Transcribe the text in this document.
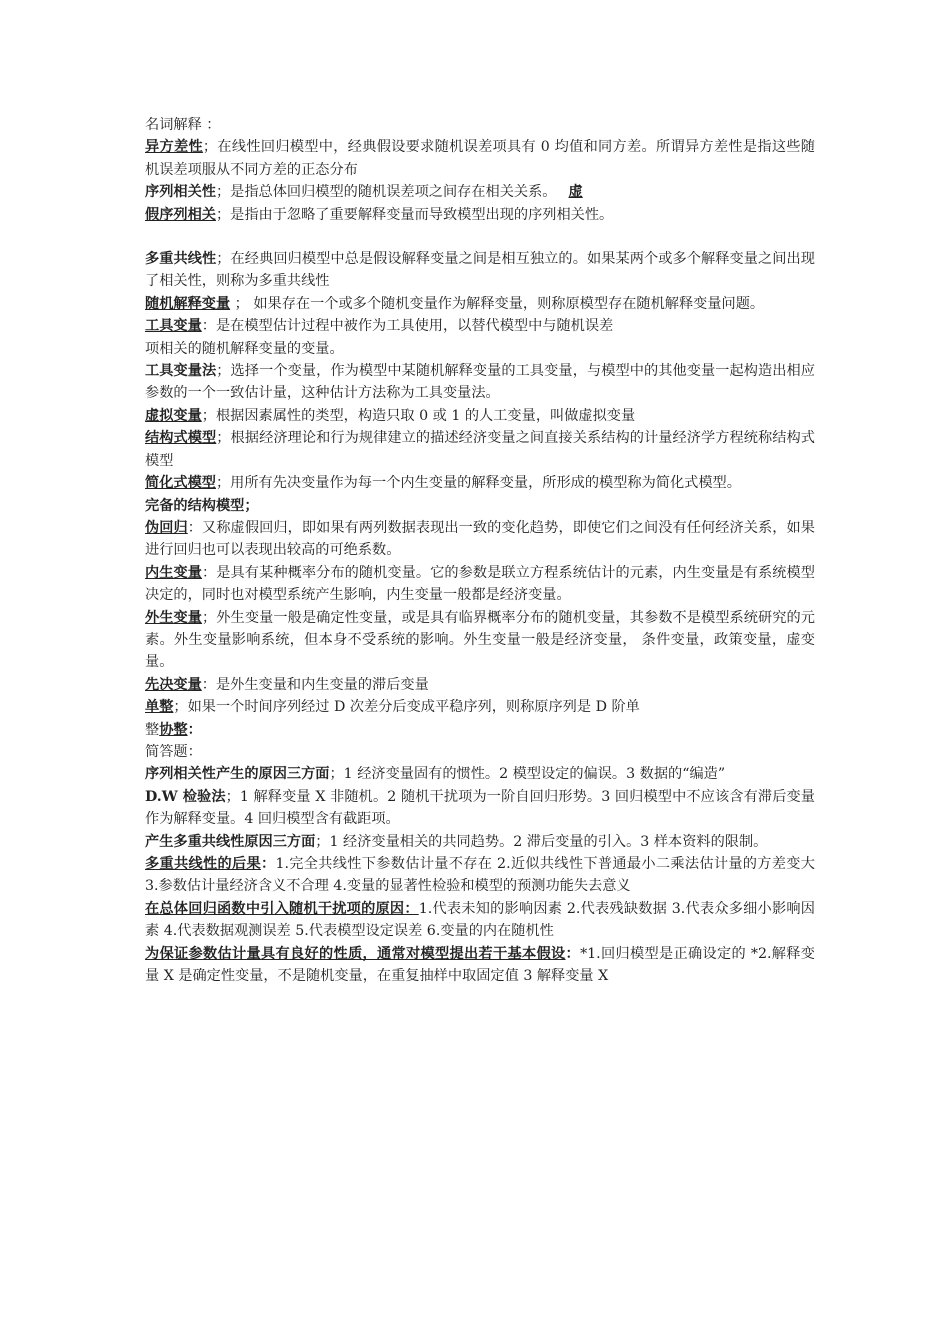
名词解释 ：

异方差性；在线性回归模型中，经典假设要求随机误差项具有 0 均值和同方差。所谓异方差性是指这些随机误差项服从不同方差的正态分布

序列相关性；是指总体回归模型的随机误差项之间存在相关关系。 虚

假序列相关；是指由于忽略了重要解释变量而导致模型出现的序列相关性。

多重共线性；在经典回归模型中总是假设解释变量之间是相互独立的。如果某两个或多个解释变量之间出现了相关性，则称为多重共线性

随机解释变量 ； 如果存在一个或多个随机变量作为解释变量，则称原模型存在随机解释变量问题。

工具变量：是在模型估计过程中被作为工具使用，以替代模型中与随机误差
项相关的随机解释变量的变量。

工具变量法；选择一个变量，作为模型中某随机解释变量的工具变量，与模型中的其他变量一起构造出相应参数的一个一致估计量，这种估计方法称为工具变量法。

虚拟变量；根据因素属性的类型，构造只取 0 或 1 的人工变量，叫做虚拟变量

结构式模型；根据经济理论和行为规律建立的描述经济变量之间直接关系结构的计量经济学方程统称结构式模型

简化式模型；用所有先决变量作为每一个内生变量的解释变量，所形成的模型称为简化式模型。

完备的结构模型；

伪回归：又称虚假回归，即如果有两列数据表现出一致的变化趋势，即使它们之间没有任何经济关系，如果进行回归也可以表现出较高的可绝系数。

内生变量：是具有某种概率分布的随机变量。它的参数是联立方程系统估计的元素，内生变量是有系统模型决定的，同时也对模型系统产生影响，内生变量一般都是经济变量。

外生变量；外生变量一般是确定性变量，或是具有临界概率分布的随机变量，其参数不是模型系统研究的元素。外生变量影响系统，但本身不受系统的影响。外生变量一般是经济变量， 条件变量，政策变量，虚变量。

先决变量：是外生变量和内生变量的滞后变量

单整；如果一个时间序列经过 D 次差分后变成平稳序列，则称原序列是 D 阶单
整协整：

简答题：

序列相关性产生的原因三方面；1 经济变量固有的惯性。2 模型设定的偏误。3 数据的“编造”

D.W 检验法；1 解释变量 X 非随机。2 随机干扰项为一阶自回归形势。3 回归模型中不应该含有滞后变量作为解释变量。4 回归模型含有截距项。

产生多重共线性原因三方面；1 经济变量相关的共同趋势。2 滞后变量的引入。3 样本资料的限制。

多重共线性的后果：1.完全共线性下参数估计量不存在 2.近似共线性下普通最小二乘法估计量的方差变大 3.参数估计量经济含义不合理 4.变量的显著性检验和模型的预测功能失去意义

在总体回归函数中引入随机干扰项的原因：1.代表未知的影响因素 2.代表残缺数据 3.代表众多细小影响因素 4.代表数据观测误差 5.代表模型设定误差 6.变量的内在随机性

为保证参数估计量具有良好的性质，通常对模型提出若干基本假设：*1.回归模型是正确设定的 *2.解释变量 X 是确定性变量，不是随机变量，在重复抽样中取固定值 3 解释变量 X
